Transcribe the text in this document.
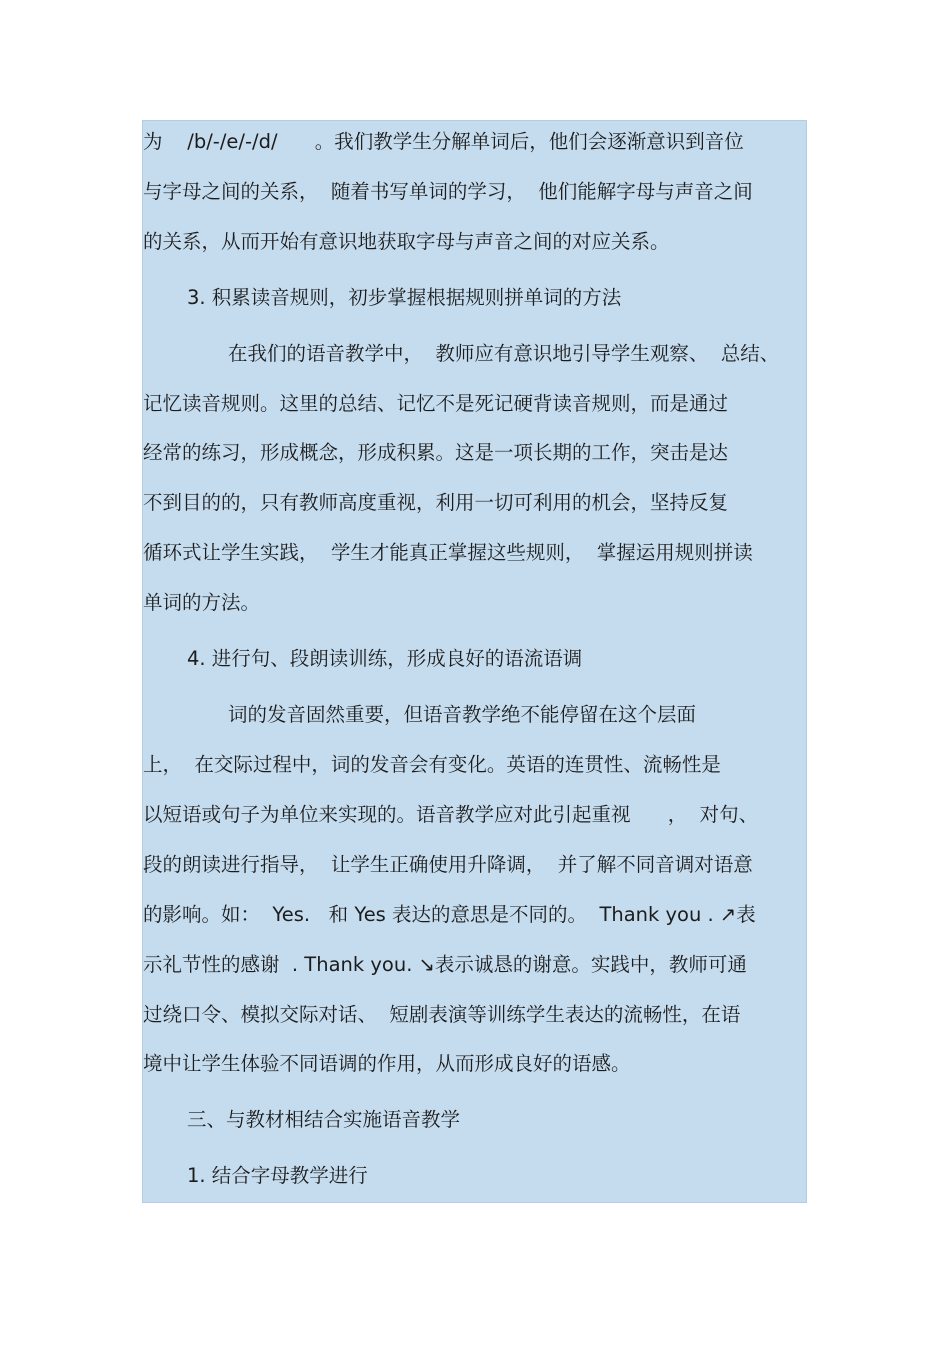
为    /b/-/e/-/d/      。我们教学生分解单词后，他们会逐渐意识到音位
与字母之间的关系，  随着书写单词的学习，  他们能解字母与声音之间
的关系，从而开始有意识地获取字母与声音之间的对应关系。
3. 积累读音规则，初步掌握根据规则拼单词的方法
在我们的语音教学中，  教师应有意识地引导学生观察、  总结、
记忆读音规则。这里的总结、记忆不是死记硬背读音规则，而是通过
经常的练习，形成概念，形成积累。这是一项长期的工作，突击是达
不到目的的，只有教师高度重视，利用一切可利用的机会，坚持反复
循环式让学生实践，  学生才能真正掌握这些规则，  掌握运用规则拼读
单词的方法。
4. 进行句、段朗读训练，形成良好的语流语调
词的发音固然重要，但语音教学绝不能停留在这个层面
上，  在交际过程中，词的发音会有变化。英语的连贯性、流畅性是
以短语或句子为单位来实现的。语音教学应对此引起重视      ，  对句、
段的朗读进行指导，  让学生正确使用升降调，  并了解不同音调对语意
的影响。如：  Yes.   和 Yes 表达的意思是不同的。  Thank you . ↗表
示礼节性的感谢  . Thank you. ↘表示诚恳的谢意。实践中，教师可通
过绕口令、模拟交际对话、  短剧表演等训练学生表达的流畅性，在语
境中让学生体验不同语调的作用，从而形成良好的语感。
三、与教材相结合实施语音教学
1. 结合字母教学进行
